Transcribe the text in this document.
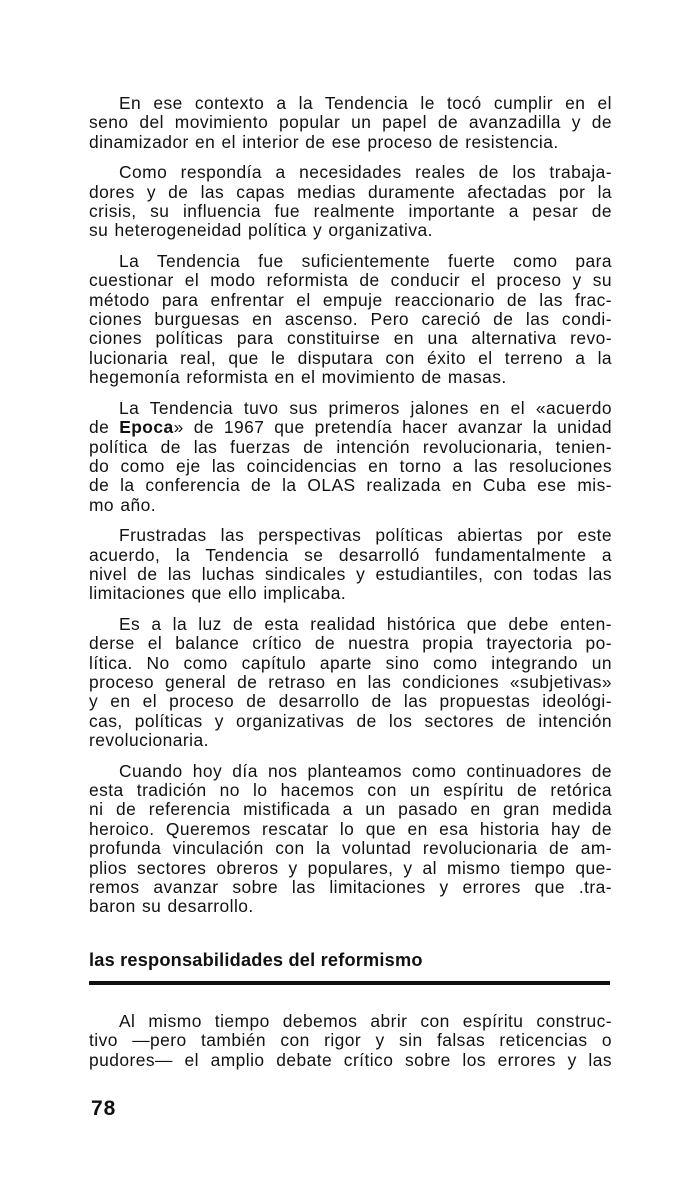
En ese contexto a la Tendencia le tocó cumplir en el
seno del movimiento popular un papel de avanzadilla y de
dinamizador en el interior de ese proceso de resistencia.

Como respondía a necesidades reales de los trabaja-
dores y de las capas medias duramente afectadas por la
crisis, su influencia fue realmente importante a pesar de
su heterogeneidad política y organizativa.

La Tendencia fue suficientemente fuerte como para
cuestionar el modo reformista de conducir el proceso y su
método para enfrentar el empuje reaccionario de las frac-
ciones burguesas en ascenso. Pero careció de las condi-
ciones políticas para constituirse en una alternativa revo-
lucionaria real, que le disputara con éxito el terreno a la
hegemonía reformista en el movimiento de masas.

La Tendencia tuvo sus primeros jalones en el «acuerdo
de Epoca» de 1967 que pretendía hacer avanzar la unidad
política de las fuerzas de intención revolucionaria, tenien-
do como eje las coincidencias en torno a las resoluciones
de la conferencia de la OLAS realizada en Cuba ese mis-
mo año.

Frustradas las perspectivas políticas abiertas por este
acuerdo, la Tendencia se desarrolló fundamentalmente a
nivel de las luchas sindicales y estudiantiles, con todas las
limitaciones que ello implicaba.

Es a la luz de esta realidad histórica que debe enten-
derse el balance crítico de nuestra propia trayectoria po-
lítica. No como capítulo aparte sino como integrando un
proceso general de retraso en las condiciones «subjetivas»
y en el proceso de desarrollo de las propuestas ideológi-
cas, políticas y organizativas de los sectores de intención
revolucionaria.

Cuando hoy día nos planteamos como continuadores de
esta tradición no lo hacemos con un espíritu de retórica
ni de referencia mistificada a un pasado en gran medida
heroico. Queremos rescatar lo que en esa historia hay de
profunda vinculación con la voluntad revolucionaria de am-
plios sectores obreros y populares, y al mismo tiempo que-
remos avanzar sobre las limitaciones y errores que .tra-
baron su desarrollo.

las responsabilidades del reformismo

Al mismo tiempo debemos abrir con espíritu construc-
tivo —pero también con rigor y sin falsas reticencias o
pudores— el amplio debate crítico sobre los errores y las

78
